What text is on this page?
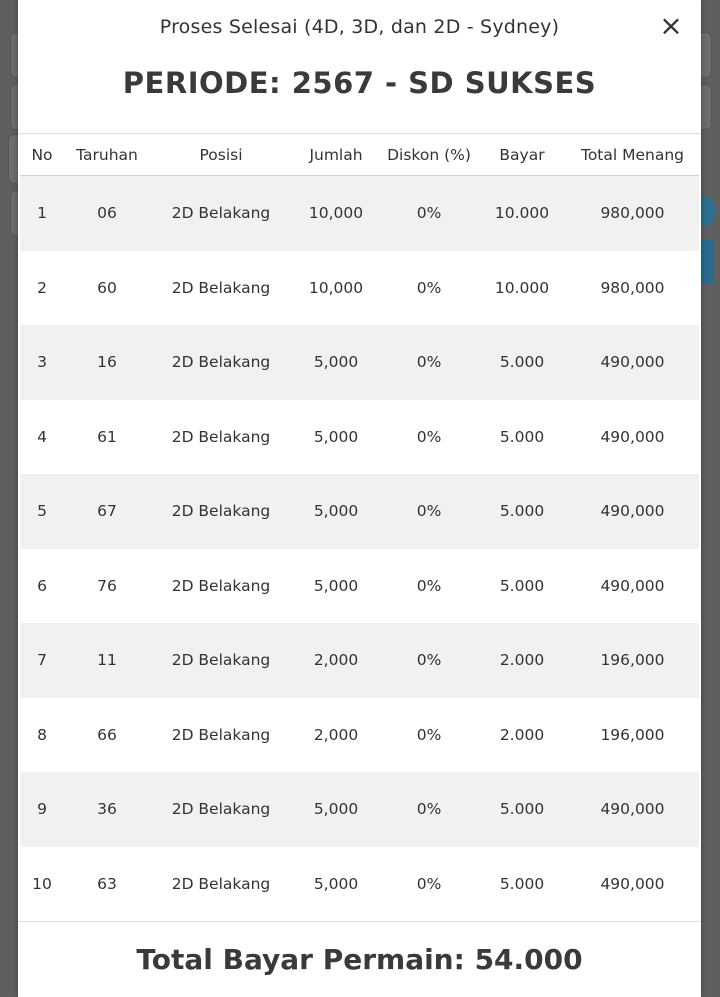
Proses Selesai (4D, 3D, dan 2D - Sydney)	×
PERIODE: 2567 - SD SUKSES
No	Taruhan	Posisi	Jumlah	Diskon (%)	Bayar	Total Menang
1	06	2D Belakang	10,000	0%	10.000	980,000
2	60	2D Belakang	10,000	0%	10.000	980,000
3	16	2D Belakang	5,000	0%	5.000	490,000
4	61	2D Belakang	5,000	0%	5.000	490,000
5	67	2D Belakang	5,000	0%	5.000	490,000
6	76	2D Belakang	5,000	0%	5.000	490,000
7	11	2D Belakang	2,000	0%	2.000	196,000
8	66	2D Belakang	2,000	0%	2.000	196,000
9	36	2D Belakang	5,000	0%	5.000	490,000
10	63	2D Belakang	5,000	0%	5.000	490,000
Total Bayar Permain: 54.000
